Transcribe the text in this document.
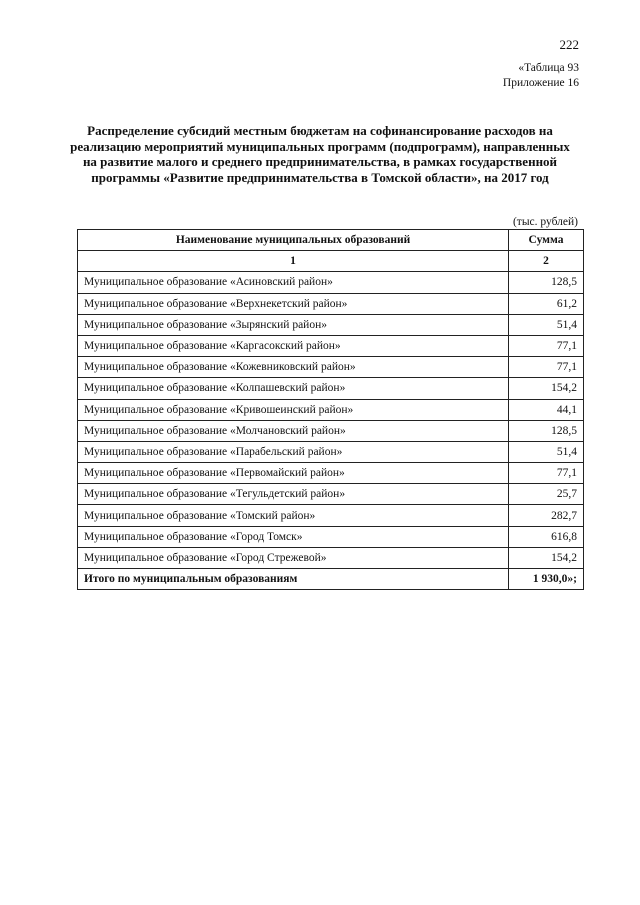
222
«Таблица 93
Приложение 16
Распределение субсидий местным бюджетам на софинансирование расходов на реализацию мероприятий муниципальных программ (подпрограмм), направленных на развитие малого и среднего предпринимательства, в рамках государственной программы «Развитие предпринимательства в Томской области», на 2017 год
(тыс. рублей)
Наименование муниципальных образований	Сумма
1	2
Муниципальное образование «Асиновский район»	128,5
Муниципальное образование «Верхнекетский район»	61,2
Муниципальное образование «Зырянский район»	51,4
Муниципальное образование «Каргасокский район»	77,1
Муниципальное образование «Кожевниковский район»	77,1
Муниципальное образование «Колпашевский район»	154,2
Муниципальное образование «Кривошеинский район»	44,1
Муниципальное образование «Молчановский район»	128,5
Муниципальное образование «Парабельский район»	51,4
Муниципальное образование «Первомайский район»	77,1
Муниципальное образование «Тегульдетский район»	25,7
Муниципальное образование «Томский район»	282,7
Муниципальное образование «Город Томск»	616,8
Муниципальное образование «Город Стрежевой»	154,2
Итого по муниципальным образованиям	1 930,0»;
